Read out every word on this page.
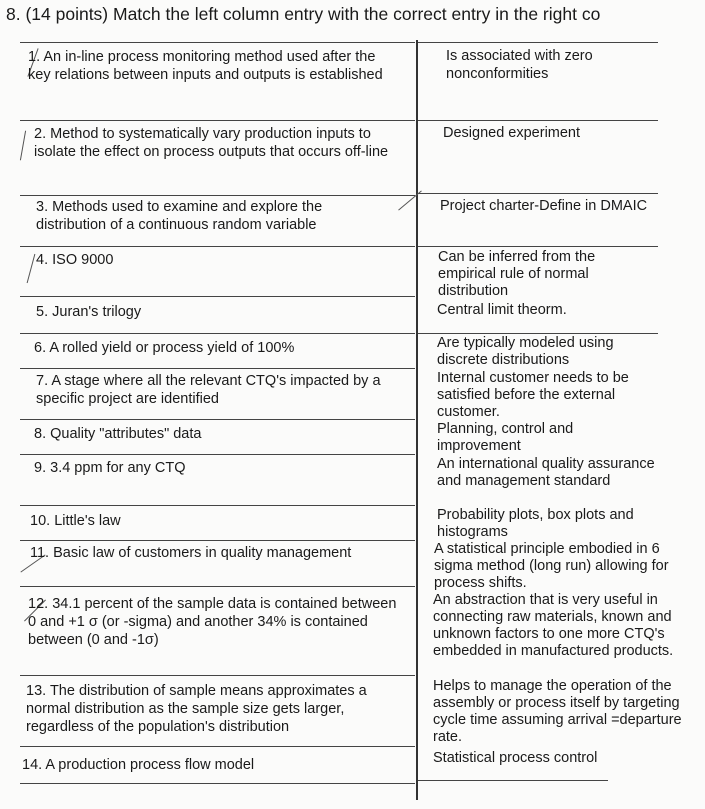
8. (14 points) Match the left column entry with the correct entry in the right co
1. An in-line process monitoring method used after the key relations between inputs and outputs is established
2. Method to systematically vary production inputs to isolate the effect on process outputs that occurs off-line
3. Methods used to examine and explore the distribution of a continuous random variable
4. ISO 9000
5. Juran's trilogy
6. A rolled yield or process yield of 100%
7. A stage where all the relevant CTQ's impacted by a specific project are identified
8. Quality "attributes" data
9. 3.4 ppm for any CTQ
10. Little's law
11. Basic law of customers in quality management
12. 34.1 percent of the sample data is contained between 0 and +1 σ (or -sigma) and another 34% is contained between (0 and -1σ)
13. The distribution of sample means approximates a normal distribution as the sample size gets larger, regardless of the population's distribution
14. A production process flow model
Is associated with zero nonconformities
Designed experiment
Project charter-Define in DMAIC
Can be inferred from the empirical rule of normal distribution
Central limit theorm.
Are typically modeled using discrete distributions
Internal customer needs to be satisfied before the external customer.
Planning, control and improvement
An international quality assurance and management standard
Probability plots, box plots and histograms
A statistical principle embodied in 6 sigma method (long run) allowing for process shifts.
An abstraction that is very useful in connecting raw materials, known and unknown factors to one more CTQ's embedded in manufactured products.
Helps to manage the operation of the assembly or process itself by targeting cycle time assuming arrival =departure rate.
Statistical process control
